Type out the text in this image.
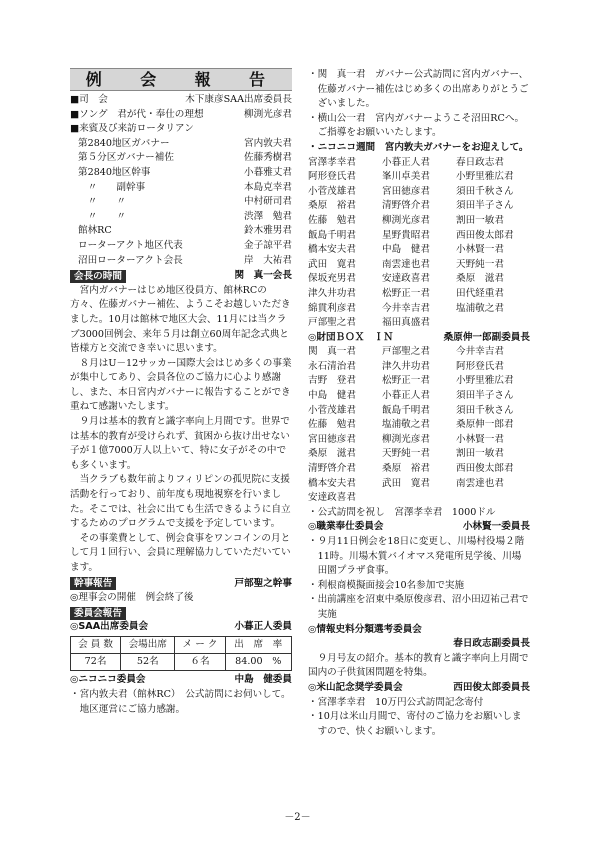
例　会　報　告
■司　会	木下康彦SAA出席委員長
■ソング　君が代・奉仕の理想	柳渕光彦君
■来賓及び来訪ロータリアン
第2840地区ガバナー	宮内敦夫君
第５分区ガバナー補佐	佐藤秀樹君
第2840地区幹事	小暮雅丈君
　〃　　副幹事	本島克幸君
　〃　　〃	中村研司君
　〃　　〃	渋澤　勉君
館林RC	鈴木雅男君
ローターアクト地区代表	金子諒平君
沼田ローターアクト会長	岸　大祐君
会長の時間	関　真一会長

宮内ガバナーはじめ地区役員方、館林RCの方々、佐藤ガバナー補佐、ようこそお越しいただきました。10月は館林で地区大会、11月には当クラブ3000回例会、来年５月は創立60周年記念式典と皆様方と交流でき幸いに思います。

８月はU－12サッカー国際大会はじめ多くの事業が集中してあり、会員各位のご協力に心より感謝し、また、本日宮内ガバナーに報告することができ重ねて感謝いたします。

９月は基本的教育と識字率向上月間です。世界では基本的教育が受けられず、貧困から抜け出せない子が１億7000万人以上いて、特に女子がその中でも多くいます。

当クラブも数年前よりフィリピンの孤児院に支援活動を行っており、前年度も現地視察を行いました。そこでは、社会に出ても生活できるように自立するためのプログラムで支援を予定しています。

その事業費として、例会食事をワンコインの月として月１回行い、会員に理解協力していただいています。

幹事報告	戸部聖之幹事

◎理事会の開催　例会終了後

委員会報告
◎SAA出席委員会	小暮正人委員
会 員 数	会場出席	メ ー ク	出　席　率
72名	52名	６名	84.00　%
◎ニコニコ委員会	中島　健委員

・宮内敦夫君（館林RC）　公式訪問にお伺いして。地区運営にご協力感謝。

・関　真一君　ガバナー公式訪問に宮内ガバナー、佐藤ガバナー補佐はじめ多くの出席ありがとうございました。

・横山公一君　宮内ガバナーようこそ沼田RCへ。ご指導をお願いいたします。

・ニコニコ週間　宮内敦夫ガバナーをお迎えして。

宮澤孝幸君	小暮正人君	春日政志君
阿形登氏君	峯川卓美君	小野里雅広君
小菅茂雄君	宮田徳彦君	須田千秋さん
桑原　裕君	清野啓介君	須田半子さん
佐藤　勉君	柳渕光彦君	割田一敏君
飯島千明君	星野貴昭君	西田俊太郎君
橋本安夫君	中島　健君	小林賢一君
武田　寛君	南雲達也君	天野純一君
保坂充男君	安達政喜君	桑原　滋君
津久井功君	松野正一君	田代経重君
綿貫利彦君	今井幸吉君	塩浦敬之君
戸部聖之君	福田真盛君
◎財団ＢＯＸ　ＩＮ	桑原伸一郎副委員長
関　真一君	戸部聖之君	今井幸吉君
永石清治君	津久井功君	阿形登氏君
吉野　登君	松野正一君	小野里雅広君
中島　健君	小暮正人君	須田半子さん
小菅茂雄君	飯島千明君	須田千秋さん
佐藤　勉君	塩浦敬之君	桑原伸一郎君
宮田徳彦君	柳渕光彦君	小林賢一君
桑原　滋君	天野純一君	割田一敏君
清野啓介君	桑原　裕君	西田俊太郎君
橋本安夫君	武田　寛君	南雲達也君
安達政喜君

・公式訪問を祝し　宮澤孝幸君　1000ドル

◎職業奉仕委員会	小林賢一委員長

・９月11日例会を18日に変更し、川場村役場２階11時。川場木質バイオマス発電所見学後、川場田園プラザ食事。

・利根商模擬面接会10名参加で実施

・出前講座を沼東中桑原俊彦君、沼小田辺祐己君で実施

◎情報史料分類選考委員会
春日政志副委員長

９月号友の紹介。基本的教育と識字率向上月間で国内の子供貧困問題を特集。

◎米山記念奨学委員会	西田俊太郎委員長

・宮澤孝幸君　10万円公式訪問記念寄付

・10月は米山月間で、寄付のご協力をお願いしますので、快くお願いします。

－2－
